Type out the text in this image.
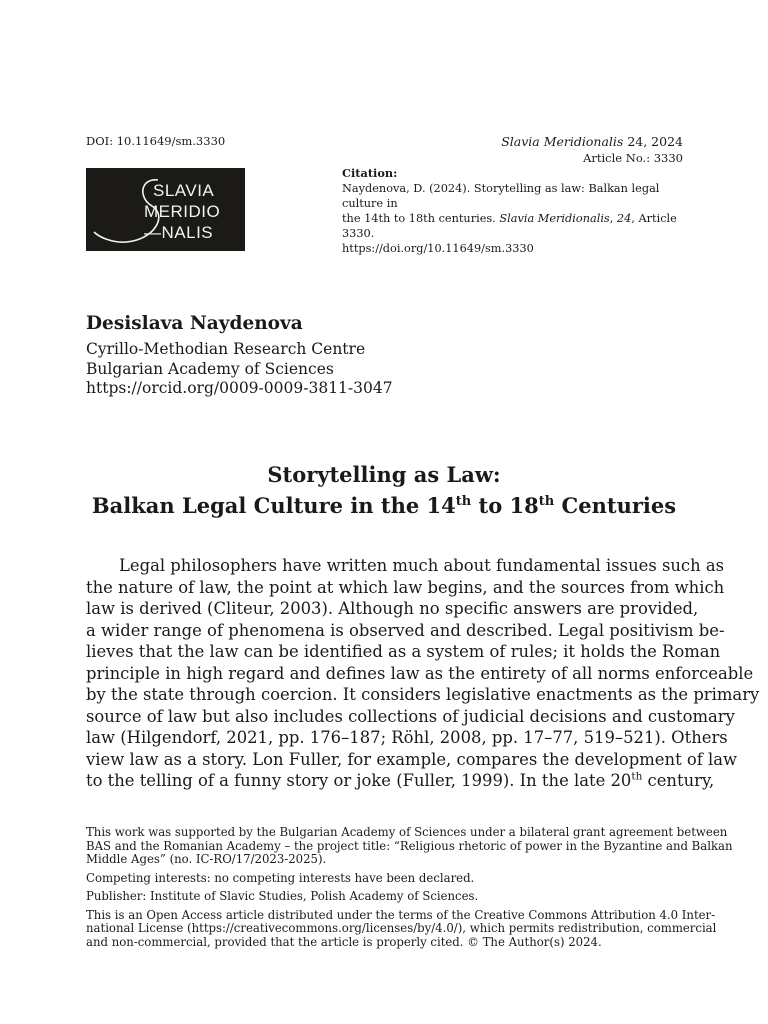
DOI: 10.11649/sm.3330	Slavia Meridionalis 24, 2024
Article No.: 3330
SLAVIA
MERIDIO
—NALIS
Citation:
Naydenova, D. (2024). Storytelling as law: Balkan legal culture in
the 14th to 18th centuries. Slavia Meridionalis, 24, Article 3330.
https://doi.org/10.11649/sm.3330
Desislava Naydenova
Cyrillo-Methodian Research Centre
Bulgarian Academy of Sciences
https://orcid.org/0009-0009-3811-3047
Storytelling as Law:
Balkan Legal Culture in the 14th to 18th Centuries
Legal philosophers have written much about fundamental issues such as
the nature of law, the point at which law begins, and the sources from which
law is derived (Cliteur, 2003). Although no specific answers are provided,
a wider range of phenomena is observed and described. Legal positivism be-
lieves that the law can be identified as a system of rules; it holds the Roman
principle in high regard and defines law as the entirety of all norms enforceable
by the state through coercion. It considers legislative enactments as the primary
source of law but also includes collections of judicial decisions and customary
law (Hilgendorf, 2021, pp. 176–187; Röhl, 2008, pp. 17–77, 519–521). Others
view law as a story. Lon Fuller, for example, compares the development of law
to the telling of a funny story or joke (Fuller, 1999). In the late 20th century,

This work was supported by the Bulgarian Academy of Sciences under a bilateral grant agreement between
BAS and the Romanian Academy – the project title: “Religious rhetoric of power in the Byzantine and Balkan
Middle Ages” (no. IC-RO/17/2023-2025).

Competing interests: no competing interests have been declared.

Publisher: Institute of Slavic Studies, Polish Academy of Sciences.

This is an Open Access article distributed under the terms of the Creative Commons Attribution 4.0 Inter-
national License (https://creativecommons.org/licenses/by/4.0/), which permits redistribution, commercial
and non-commercial, provided that the article is properly cited. © The Author(s) 2024.
